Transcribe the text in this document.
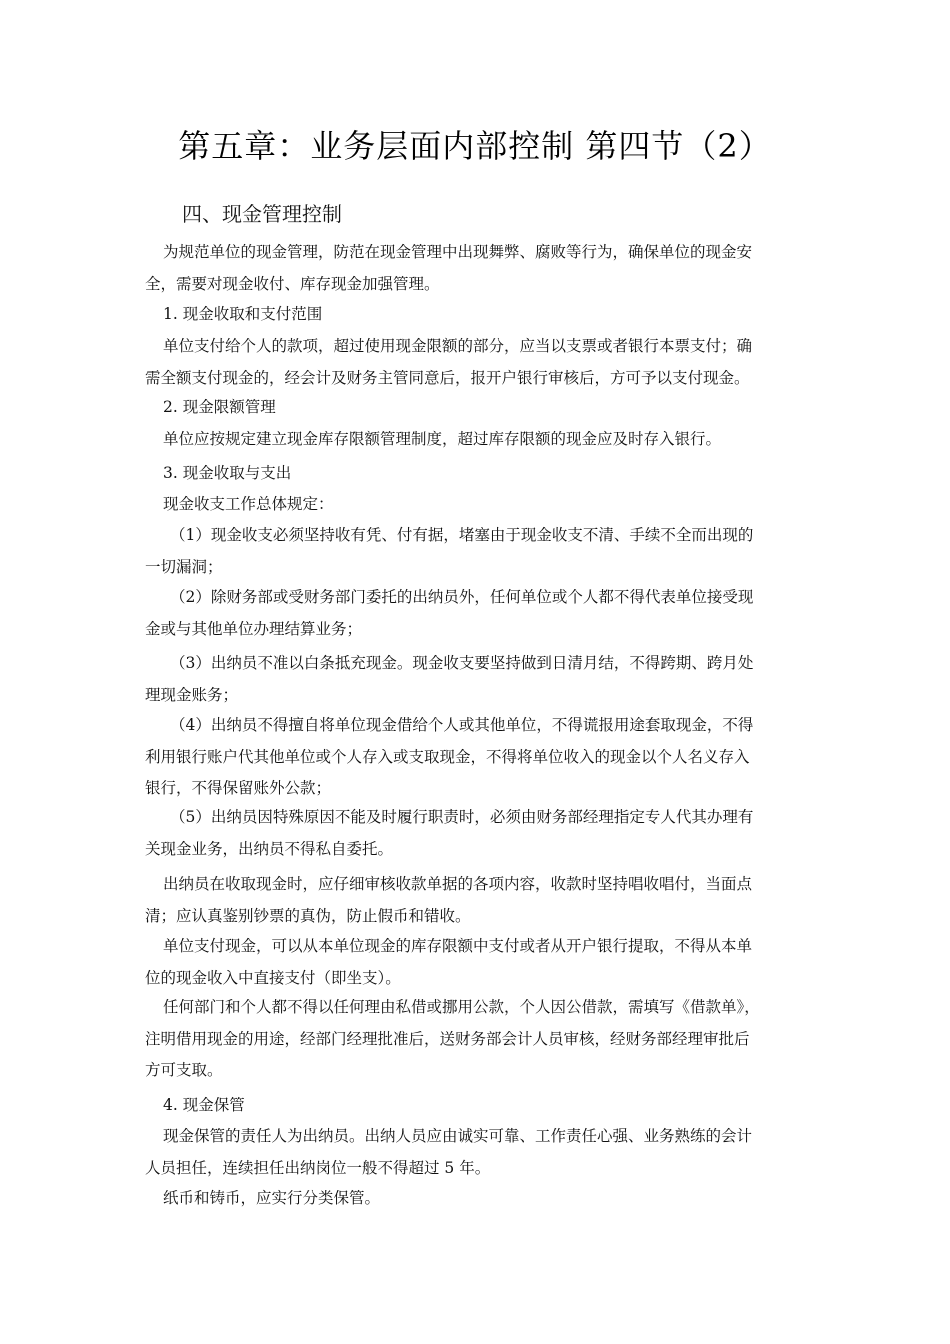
第五章：业务层面内部控制 第四节（2）
四、现金管理控制
为规范单位的现金管理，防范在现金管理中出现舞弊、腐败等行为，确保单位的现金安
全，需要对现金收付、库存现金加强管理。
1. 现金收取和支付范围
单位支付给个人的款项，超过使用现金限额的部分，应当以支票或者银行本票支付；确
需全额支付现金的，经会计及财务主管同意后，报开户银行审核后，方可予以支付现金。
2. 现金限额管理
单位应按规定建立现金库存限额管理制度，超过库存限额的现金应及时存入银行。
3. 现金收取与支出
现金收支工作总体规定：
（1）现金收支必须坚持收有凭、付有据，堵塞由于现金收支不清、手续不全而出现的
一切漏洞；
（2）除财务部或受财务部门委托的出纳员外，任何单位或个人都不得代表单位接受现
金或与其他单位办理结算业务；
（3）出纳员不准以白条抵充现金。现金收支要坚持做到日清月结，不得跨期、跨月处
理现金账务；
（4）出纳员不得擅自将单位现金借给个人或其他单位，不得谎报用途套取现金，不得
利用银行账户代其他单位或个人存入或支取现金，不得将单位收入的现金以个人名义存入
银行，不得保留账外公款；
（5）出纳员因特殊原因不能及时履行职责时，必须由财务部经理指定专人代其办理有
关现金业务，出纳员不得私自委托。
出纳员在收取现金时，应仔细审核收款单据的各项内容，收款时坚持唱收唱付，当面点
清；应认真鉴别钞票的真伪，防止假币和错收。
单位支付现金，可以从本单位现金的库存限额中支付或者从开户银行提取，不得从本单
位的现金收入中直接支付（即坐支）。
任何部门和个人都不得以任何理由私借或挪用公款，个人因公借款，需填写《借款单》，
注明借用现金的用途，经部门经理批准后，送财务部会计人员审核，经财务部经理审批后
方可支取。
4. 现金保管
现金保管的责任人为出纳员。出纳人员应由诚实可靠、工作责任心强、业务熟练的会计
人员担任，连续担任出纳岗位一般不得超过 5 年。
纸币和铸币，应实行分类保管。
